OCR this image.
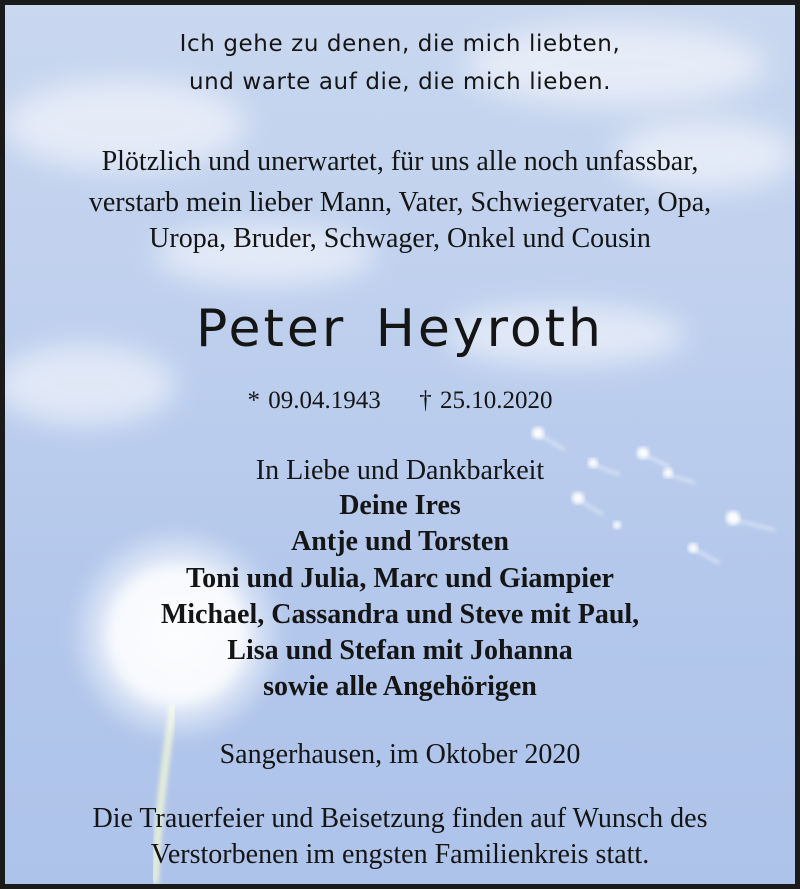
Ich gehe zu denen, die mich liebten,
und warte auf die, die mich lieben.
Plötzlich und unerwartet, für uns alle noch unfassbar,
verstarb mein lieber Mann, Vater, Schwiegervater, Opa,
Uropa, Bruder, Schwager, Onkel und Cousin
Peter Heyroth
* 09.04.1943 † 25.10.2020
In Liebe und Dankbarkeit
Deine Ires
Antje und Torsten
Toni und Julia, Marc und Giampier
Michael, Cassandra und Steve mit Paul,
Lisa und Stefan mit Johanna
sowie alle Angehörigen
Sangerhausen, im Oktober 2020
Die Trauerfeier und Beisetzung finden auf Wunsch des
Verstorbenen im engsten Familienkreis statt.
